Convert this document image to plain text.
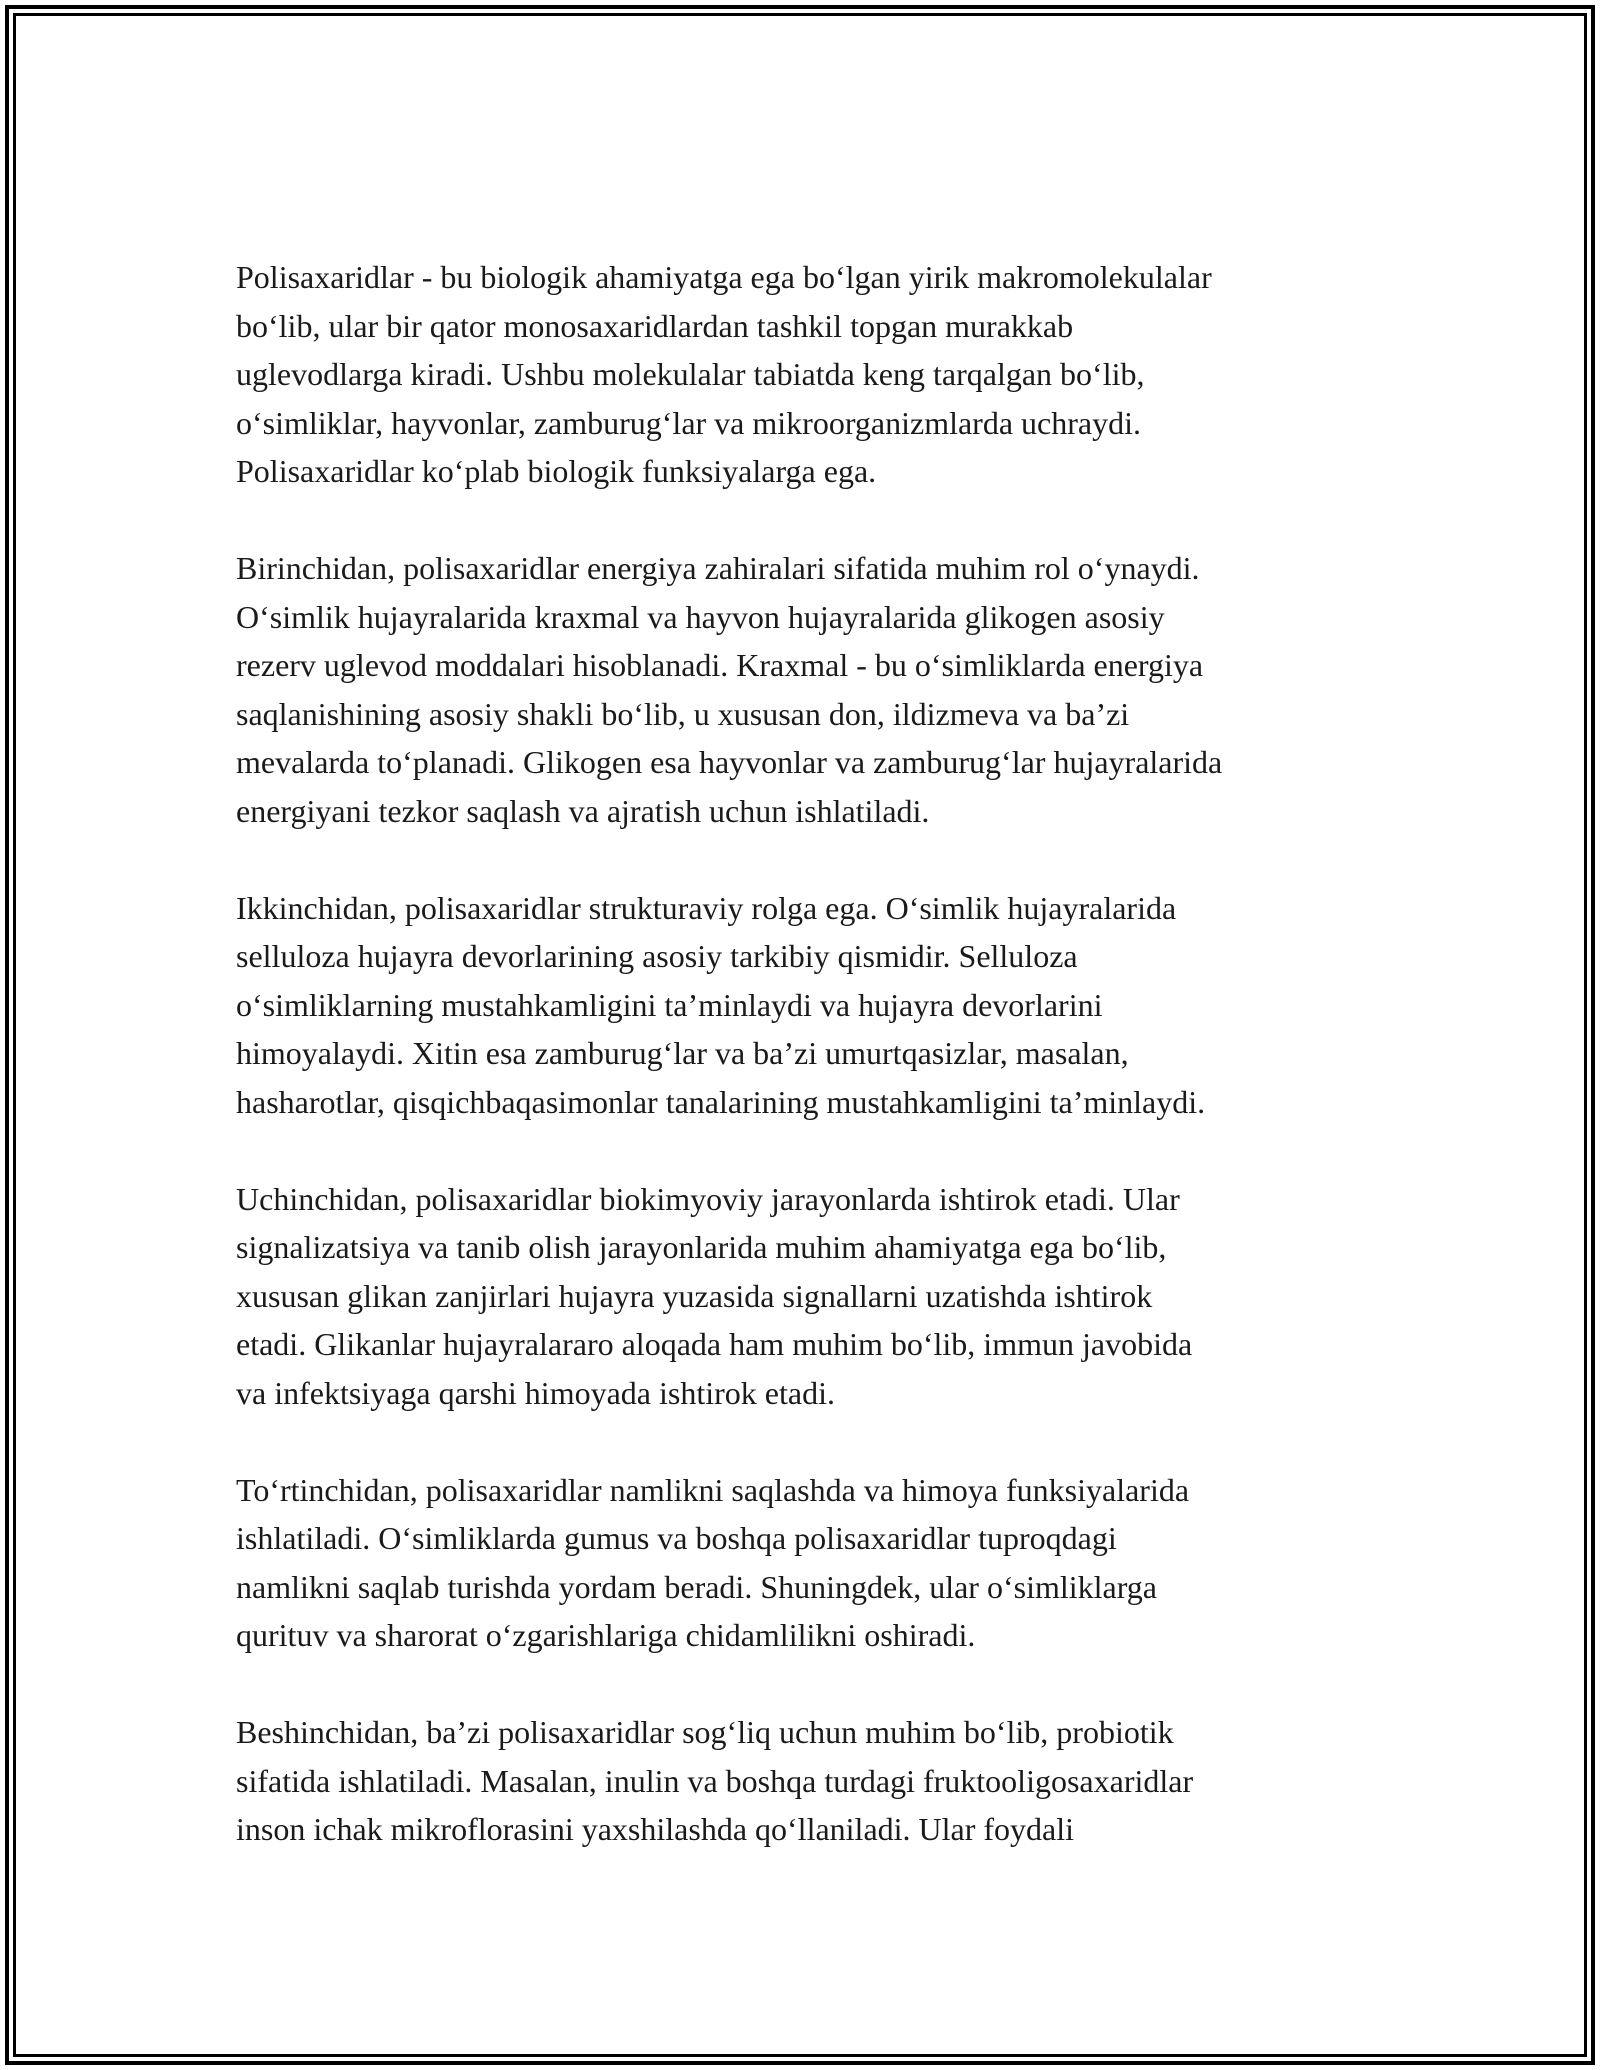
Polisaxaridlar - bu biologik ahamiyatga ega bo‘lgan yirik makromolekulalar
bo‘lib, ular bir qator monosaxaridlardan tashkil topgan murakkab
uglevodlarga kiradi. Ushbu molekulalar tabiatda keng tarqalgan bo‘lib,
o‘simliklar, hayvonlar, zamburug‘lar va mikroorganizmlarda uchraydi.
Polisaxaridlar ko‘plab biologik funksiyalarga ega.

Birinchidan, polisaxaridlar energiya zahiralari sifatida muhim rol o‘ynaydi.
O‘simlik hujayralarida kraxmal va hayvon hujayralarida glikogen asosiy
rezerv uglevod moddalari hisoblanadi. Kraxmal - bu o‘simliklarda energiya
saqlanishining asosiy shakli bo‘lib, u xususan don, ildizmeva va ba’zi
mevalarda to‘planadi. Glikogen esa hayvonlar va zamburug‘lar hujayralarida
energiyani tezkor saqlash va ajratish uchun ishlatiladi.

Ikkinchidan, polisaxaridlar strukturaviy rolga ega. O‘simlik hujayralarida
selluloza hujayra devorlarining asosiy tarkibiy qismidir. Selluloza
o‘simliklarning mustahkamligini ta’minlaydi va hujayra devorlarini
himoyalaydi. Xitin esa zamburug‘lar va ba’zi umurtqasizlar, masalan,
hasharotlar, qisqichbaqasimonlar tanalarining mustahkamligini ta’minlaydi.

Uchinchidan, polisaxaridlar biokimyoviy jarayonlarda ishtirok etadi. Ular
signalizatsiya va tanib olish jarayonlarida muhim ahamiyatga ega bo‘lib,
xususan glikan zanjirlari hujayra yuzasida signallarni uzatishda ishtirok
etadi. Glikanlar hujayralararo aloqada ham muhim bo‘lib, immun javobida
va infektsiyaga qarshi himoyada ishtirok etadi.

To‘rtinchidan, polisaxaridlar namlikni saqlashda va himoya funksiyalarida
ishlatiladi. O‘simliklarda gumus va boshqa polisaxaridlar tuproqdagi
namlikni saqlab turishda yordam beradi. Shuningdek, ular o‘simliklarga
qurituv va sharorat o‘zgarishlariga chidamlilikni oshiradi.

Beshinchidan, ba’zi polisaxaridlar sog‘liq uchun muhim bo‘lib, probiotik
sifatida ishlatiladi. Masalan, inulin va boshqa turdagi fruktooligosaxaridlar
inson ichak mikroflorasini yaxshilashda qo‘llaniladi. Ular foydali
